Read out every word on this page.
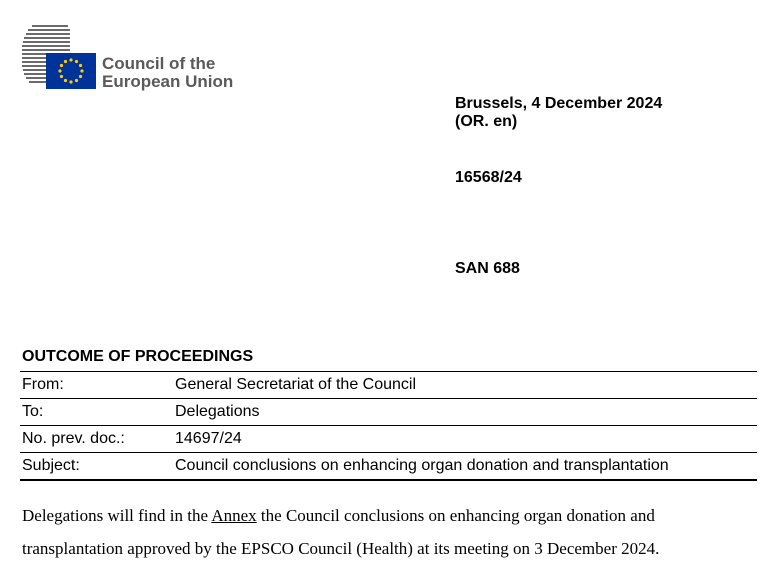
Council of the
European Union
Brussels, 4 December 2024
(OR. en)
16568/24
SAN 688
OUTCOME OF PROCEEDINGS
From:	General Secretariat of the Council
To:	Delegations
No. prev. doc.:	14697/24
Subject:	Council conclusions on enhancing organ donation and transplantation
Delegations will find in the Annex the Council conclusions on enhancing organ donation and transplantation approved by the EPSCO Council (Health) at its meeting on 3 December 2024.
